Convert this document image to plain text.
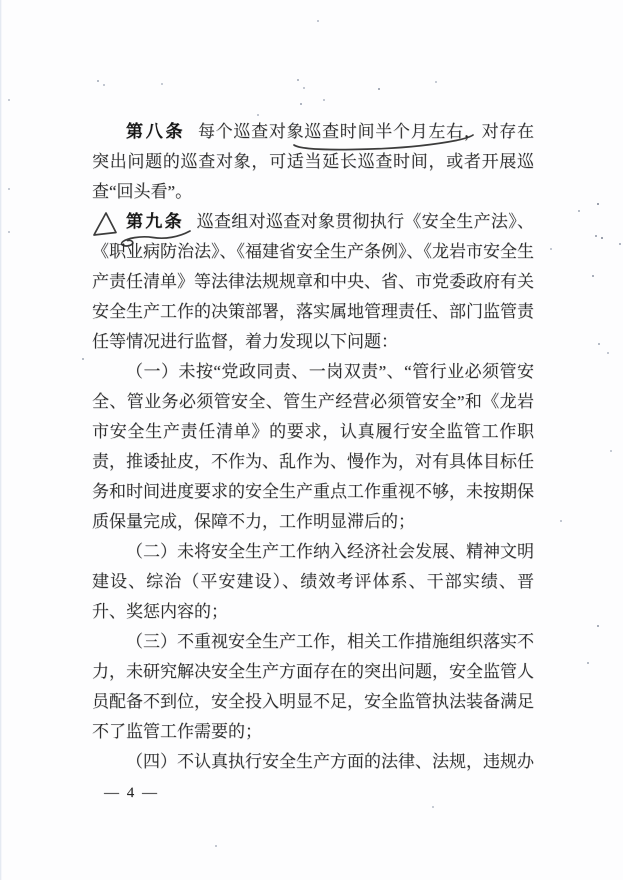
第八条 每个巡查对象巡查时间半个月左右
，对存在突出问题的巡查对象，可适当延长巡查时间，或者开展巡查“回头看”。

第九条 巡查组对巡查对象贯彻执行《安全生产法》、《职业病防治法》、《福建省安全生产条例》、《龙岩市安全生产责任清单》等法律法规规章和中央、省、市党委政府有关安全生产工作的决策部署，落实属地管理责任、部门监管责任等情况进行监督，着力发现以下问题：

（一）未按“党政同责、一岗双责”、“管行业必须管安全、管业务必须管安全、管生产经营必须管安全”和《龙岩市安全生产责任清单》的要求，认真履行安全监管工作职责，推诿扯皮，不作为、乱作为、慢作为，对有具体目标任务和时间进度要求的安全生产重点工作重视不够，未按期保质保量完成，保障不力，工作明显滞后的；

（二）未将安全生产工作纳入经济社会发展、精神文明建设、综治（平安建设）、绩效考评体系、干部实绩、晋升、奖惩内容的；

（三）不重视安全生产工作，相关工作措施组织落实不力，未研究解决安全生产方面存在的突出问题，安全监管人员配备不到位，安全投入明显不足，安全监管执法装备满足不了监管工作需要的；

（四）不认真执行安全生产方面的法律、法规，违规办

— 4 —
